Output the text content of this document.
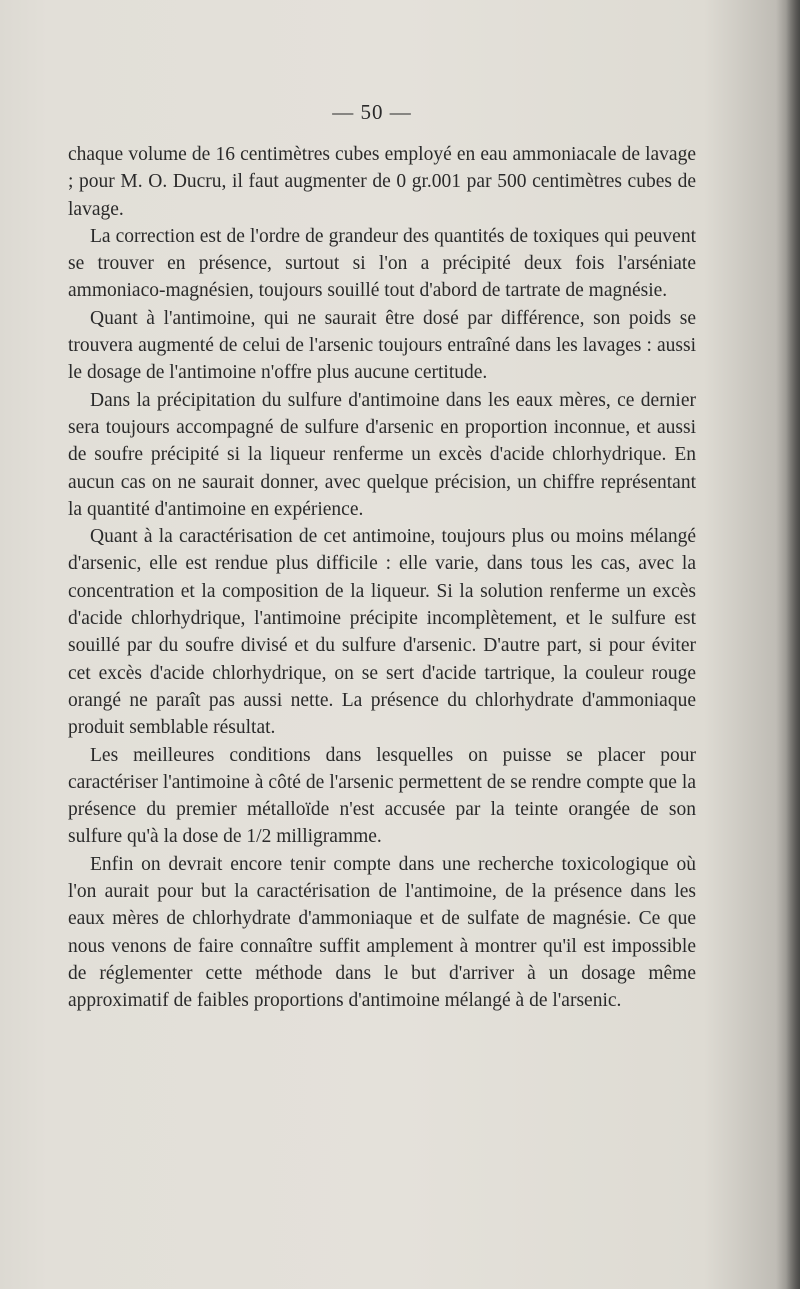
— 50 —

chaque volume de 16 centimètres cubes employé en eau ammoniacale de lavage ; pour M. O. Ducru, il faut augmenter de 0 gr.001 par 500 centimètres cubes de lavage.

La correction est de l'ordre de grandeur des quantités de toxiques qui peuvent se trouver en présence, surtout si l'on a précipité deux fois l'arséniate ammoniaco-magnésien, toujours souillé tout d'abord de tartrate de magnésie.

Quant à l'antimoine, qui ne saurait être dosé par différence, son poids se trouvera augmenté de celui de l'arsenic toujours entraîné dans les lavages : aussi le dosage de l'antimoine n'offre plus aucune certitude.

Dans la précipitation du sulfure d'antimoine dans les eaux mères, ce dernier sera toujours accompagné de sulfure d'arsenic en proportion inconnue, et aussi de soufre précipité si la liqueur renferme un excès d'acide chlorhydrique. En aucun cas on ne saurait donner, avec quelque précision, un chiffre représentant la quantité d'antimoine en expérience.

Quant à la caractérisation de cet antimoine, toujours plus ou moins mélangé d'arsenic, elle est rendue plus difficile : elle varie, dans tous les cas, avec la concentration et la composition de la liqueur. Si la solution renferme un excès d'acide chlorhydrique, l'antimoine précipite incomplètement, et le sulfure est souillé par du soufre divisé et du sulfure d'arsenic. D'autre part, si pour éviter cet excès d'acide chlorhydrique, on se sert d'acide tartrique, la couleur rouge orangé ne paraît pas aussi nette. La présence du chlorhydrate d'ammoniaque produit semblable résultat.

Les meilleures conditions dans lesquelles on puisse se placer pour caractériser l'antimoine à côté de l'arsenic permettent de se rendre compte que la présence du premier métalloïde n'est accusée par la teinte orangée de son sulfure qu'à la dose de 1/2 milligramme.

Enfin on devrait encore tenir compte dans une recherche toxicologique où l'on aurait pour but la caractérisation de l'antimoine, de la présence dans les eaux mères de chlorhydrate d'ammoniaque et de sulfate de magnésie. Ce que nous venons de faire connaître suffit amplement à montrer qu'il est impossible de réglementer cette méthode dans le but d'arriver à un dosage même approximatif de faibles proportions d'antimoine mélangé à de l'arsenic.
